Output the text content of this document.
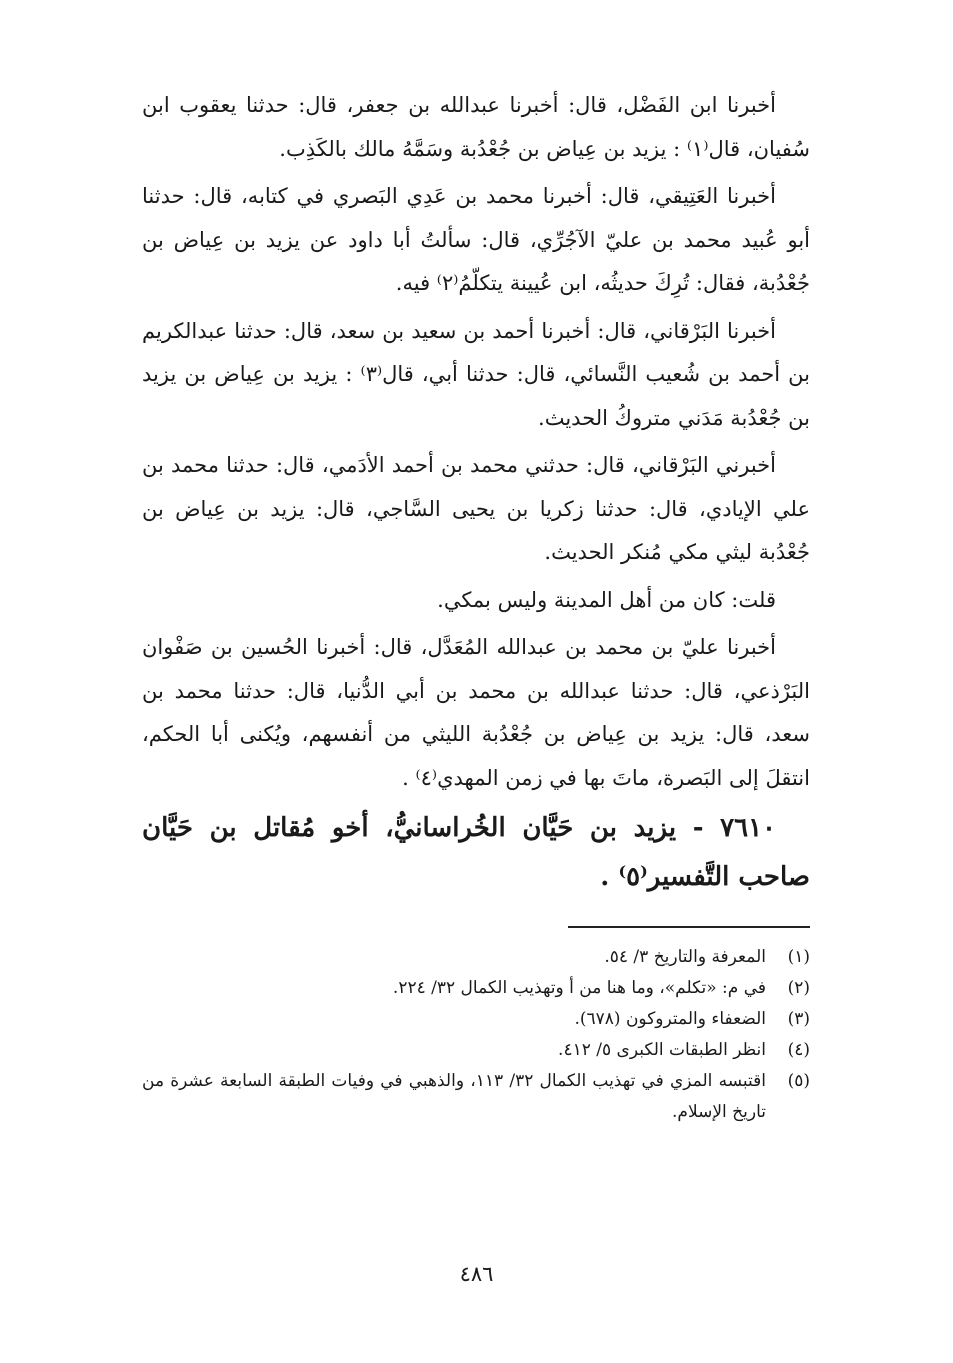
أخبرنا ابن الفَضْل، قال: أخبرنا عبدالله بن جعفر، قال: حدثنا يعقوب ابن سُفيان، قال⁽١⁾ : يزيد بن عِياض بن جُعْدُبة وسَمَّهُ مالك بالكَذِب.

أخبرنا العَتِيقي، قال: أخبرنا محمد بن عَدِي البَصري في كتابه، قال: حدثنا أبو عُبيد محمد بن عليّ الآجُرِّي، قال: سألتُ أبا داود عن يزيد بن عِياض بن جُعْدُبة، فقال: تُرِكَ حديثُه، ابن عُيينة يتكلّمُ⁽٢⁾ فيه.

أخبرنا البَرْقاني، قال: أخبرنا أحمد بن سعيد بن سعد، قال: حدثنا عبدالكريم بن أحمد بن شُعيب النَّسائي، قال: حدثنا أبي، قال⁽٣⁾ : يزيد بن عِياض بن يزيد بن جُعْدُبة مَدَني متروكُ الحديث.

أخبرني البَرْقاني، قال: حدثني محمد بن أحمد الأدَمي، قال: حدثنا محمد بن علي الإيادي، قال: حدثنا زكريا بن يحيى السَّاجي، قال: يزيد بن عِياض بن جُعْدُبة ليثي مكي مُنكر الحديث.

قلت: كان من أهل المدينة وليس بمكي.

أخبرنا عليّ بن محمد بن عبدالله المُعَدَّل، قال: أخبرنا الحُسين بن صَفْوان البَرْذعي، قال: حدثنا عبدالله بن محمد بن أبي الدُّنيا، قال: حدثنا محمد بن سعد، قال: يزيد بن عِياض بن جُعْدُبة الليثي من أنفسهم، ويُكنى أبا الحكم، انتقلَ إلى البَصرة، ماتَ بها في زمن المهدي⁽٤⁾ .

٧٦١٠ - يزيد بن حَيَّان الخُراسانيُّ، أخو مُقاتل بن حَيَّان صاحب التَّفسير⁽٥⁾ .

(١)
المعرفة والتاريخ ٣/ ٥٤.
(٢)
في م: «تكلم»، وما هنا من أ وتهذيب الكمال ٣٢/ ٢٢٤.
(٣)
الضعفاء والمتروكون (٦٧٨).
(٤)
انظر الطبقات الكبرى ٥/ ٤١٢.
(٥)
اقتبسه المزي في تهذيب الكمال ٣٢/ ١١٣، والذهبي في وفيات الطبقة السابعة عشرة من تاريخ الإسلام.
٤٨٦
